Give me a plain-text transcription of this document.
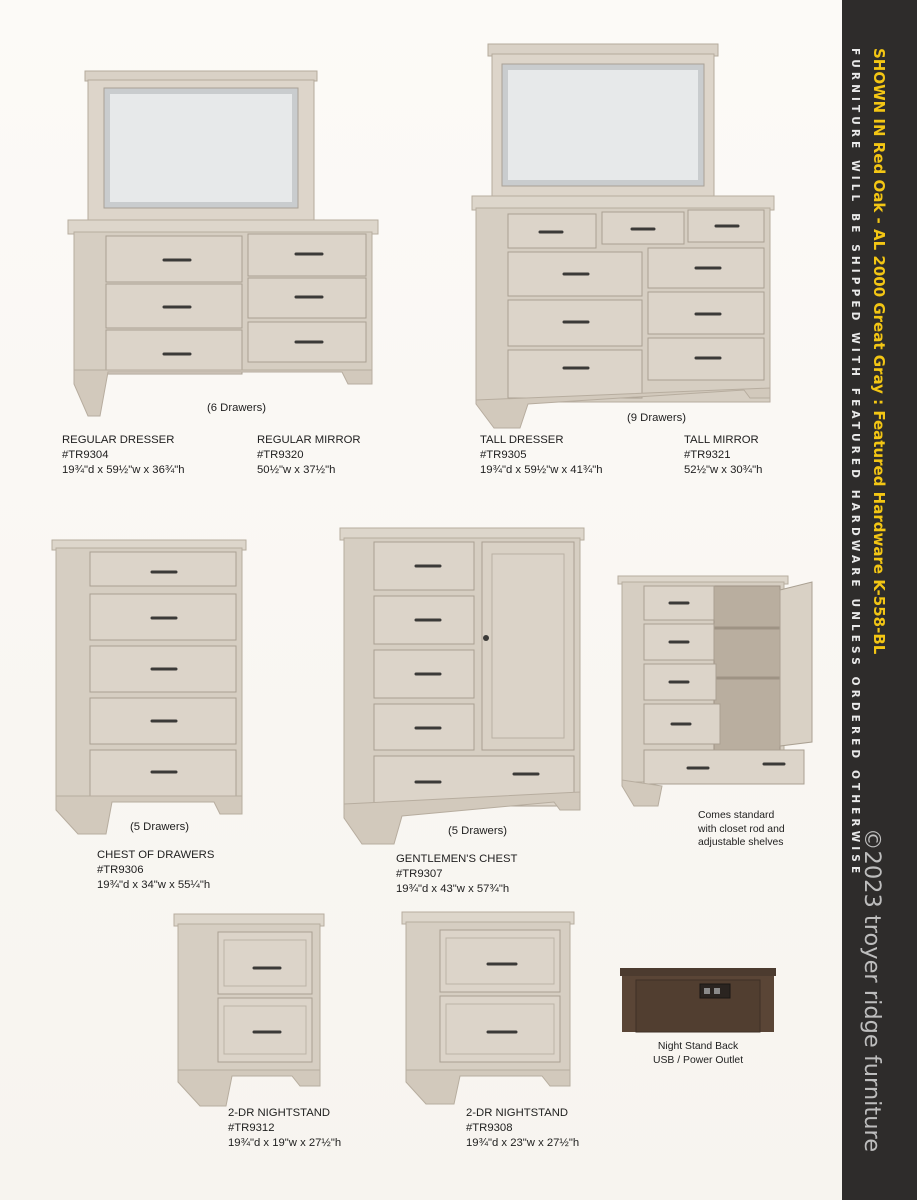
(6 Drawers)
REGULAR DRESSER
#TR9304
19¾"d x 59½"w x 36¾"h
REGULAR MIRROR
#TR9320
50½"w x 37½"h
(9 Drawers)
TALL DRESSER
#TR9305
19¾"d x 59½"w x 41¾"h
TALL MIRROR
#TR9321
52½"w x 30¾"h
(5 Drawers)
CHEST OF DRAWERS
#TR9306
19¾"d x 34"w x 55¼"h
(5 Drawers)
GENTLEMEN'S CHEST
#TR9307
19¾"d x 43"w x 57¾"h
Comes standard
with closet rod and
adjustable shelves
Night Stand Back
USB / Power Outlet
2-DR NIGHTSTAND
#TR9312
19¾"d x 19"w x 27½"h
2-DR NIGHTSTAND
#TR9308
19¾"d x 23"w x 27½"h
SHOWN IN Red Oak - AL 2000 Great Gray : Featured Hardware K-558-BL
FURNITURE WILL BE SHIPPED WITH FEATURED HARDWARE UNLESS ORDERED OTHERWISE
©2023 troyer ridge furniture
